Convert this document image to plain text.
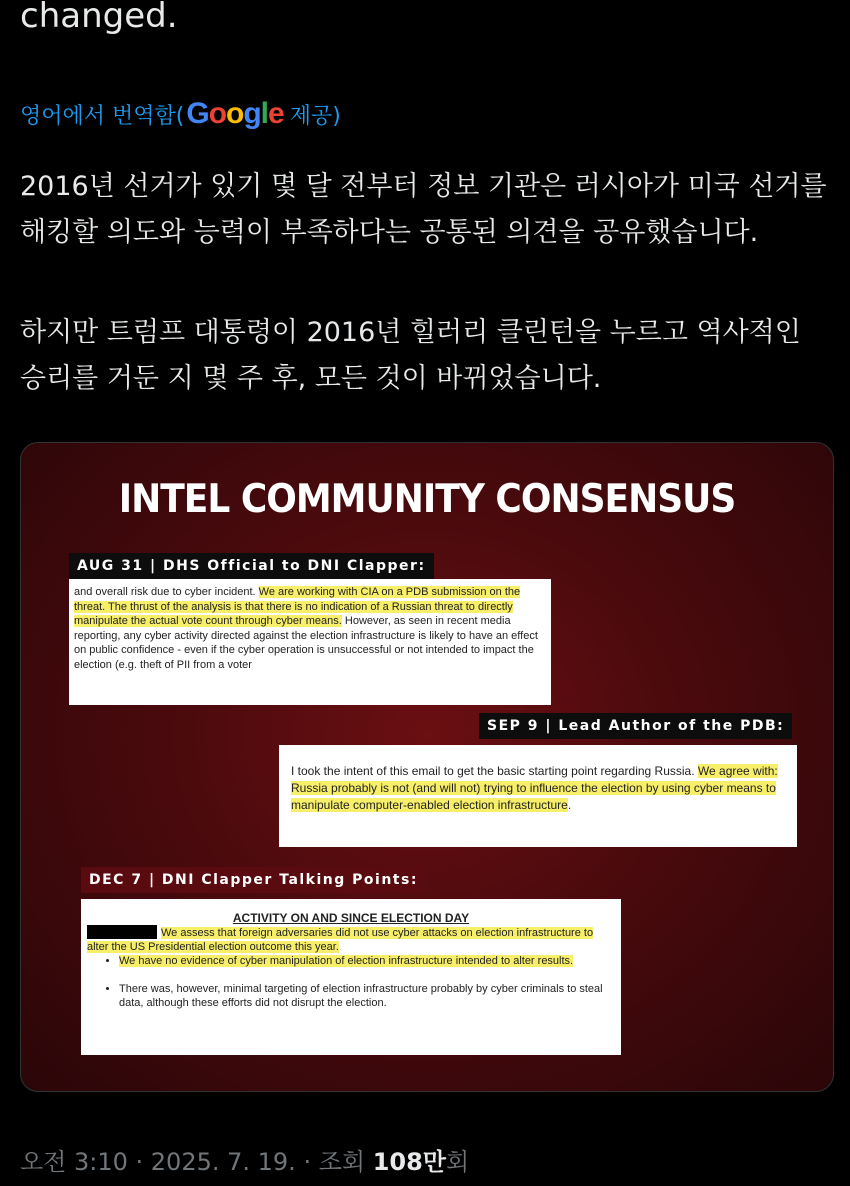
changed.
영어에서 번역함( Google 제공)
2016년 선거가 있기 몇 달 전부터 정보 기관은 러시아가 미국 선거를 해킹할 의도와 능력이 부족하다는 공통된 의견을 공유했습니다.
하지만 트럼프 대통령이 2016년 힐러리 클린턴을 누르고 역사적인 승리를 거둔 지 몇 주 후, 모든 것이 바뀌었습니다.
INTEL COMMUNITY CONSENSUS
AUG 31 | DHS Official to DNI Clapper:
and overall risk due to cyber incident. We are working with CIA on a PDB submission on the threat. The thrust of the analysis is that there is no indication of a Russian threat to directly manipulate the actual vote count through cyber means. However, as seen in recent media reporting, any cyber activity directed against the election infrastructure is likely to have an effect on public confidence - even if the cyber operation is unsuccessful or not intended to impact the election (e.g. theft of PII from a voter
SEP 9 | Lead Author of the PDB:
I took the intent of this email to get the basic starting point regarding Russia. We agree with: Russia probably is not (and will not) trying to influence the election by using cyber means to manipulate computer-enabled election infrastructure.
DEC 7 | DNI Clapper Talking Points:
ACTIVITY ON AND SINCE ELECTION DAY
We assess that foreign adversaries did not use cyber attacks on election infrastructure to alter the US Presidential election outcome this year.
• We have no evidence of cyber manipulation of election infrastructure intended to alter results.
• There was, however, minimal targeting of election infrastructure probably by cyber criminals to steal data, although these efforts did not disrupt the election.
오전 3:10 · 2025. 7. 19. · 조회 108만회
